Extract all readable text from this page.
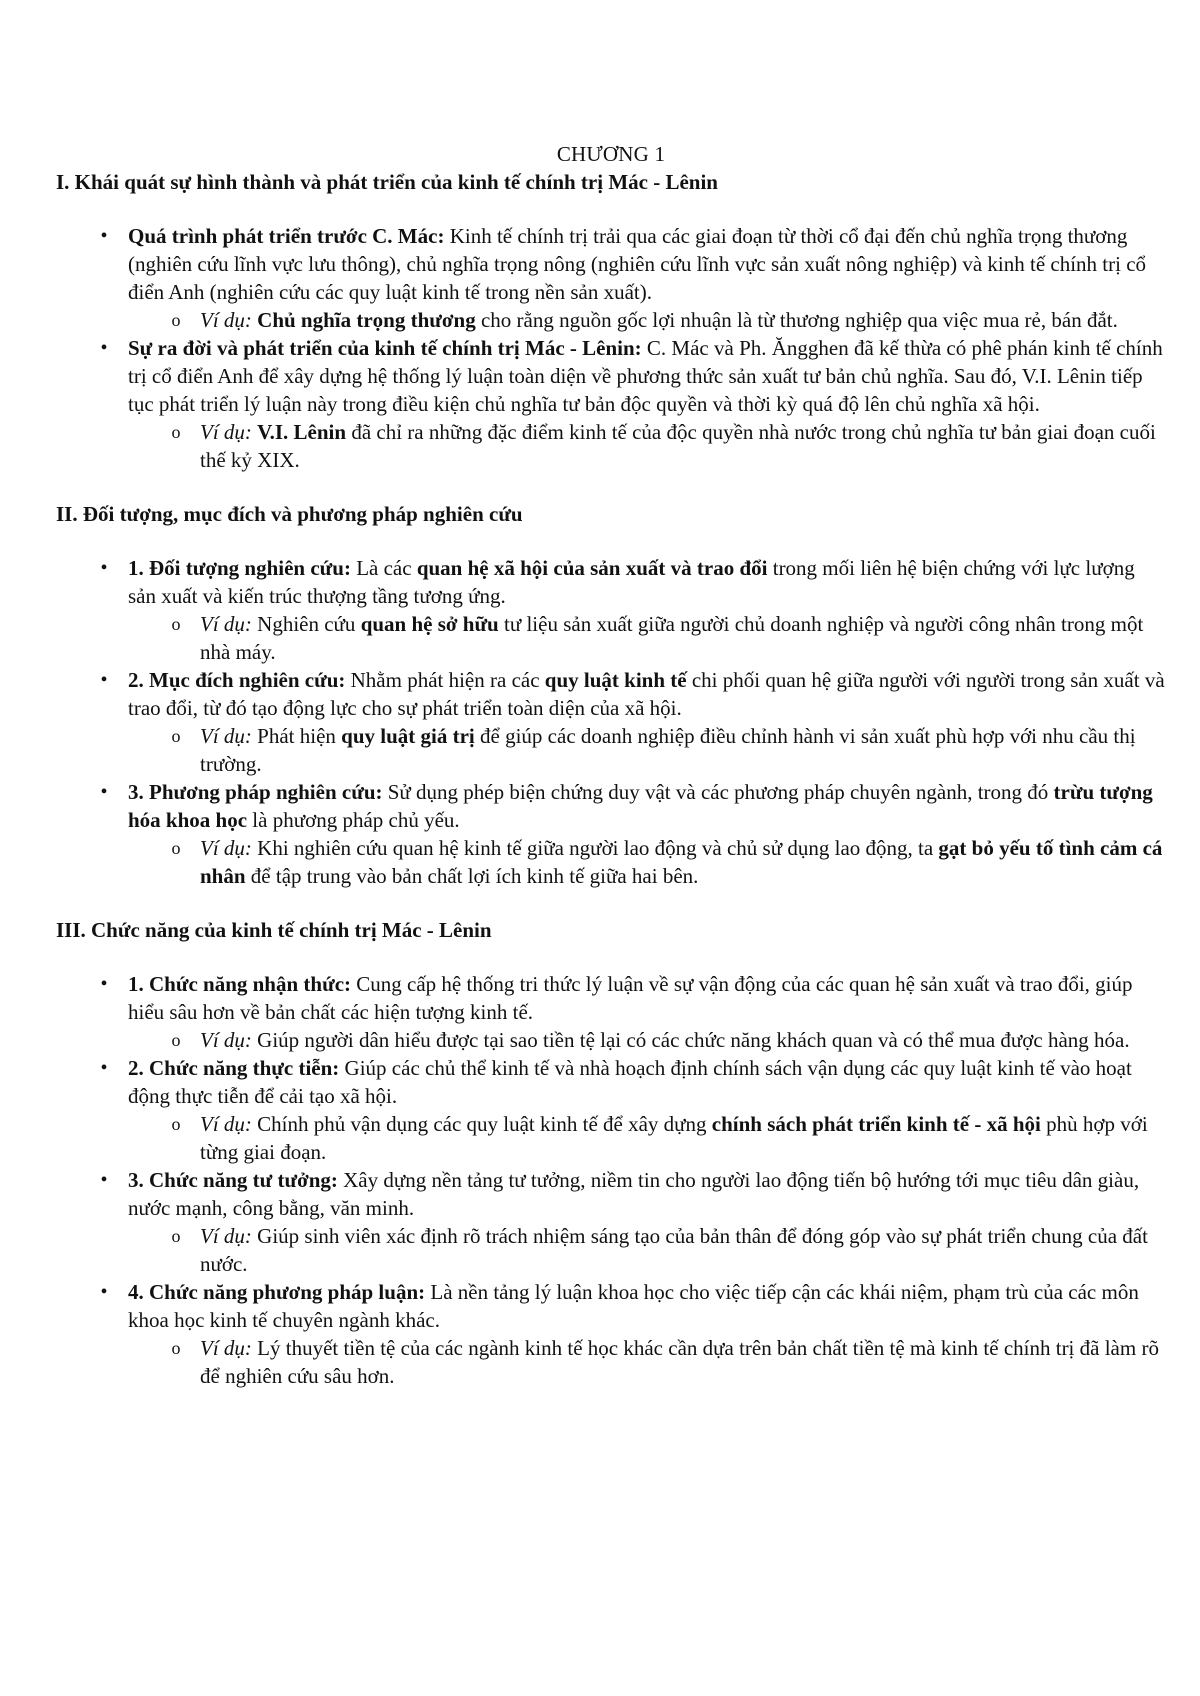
CHƯƠNG 1
I. Khái quát sự hình thành và phát triển của kinh tế chính trị Mác - Lênin
• Quá trình phát triển trước C. Mác: Kinh tế chính trị trải qua các giai đoạn từ thời cổ đại đến chủ nghĩa trọng thương (nghiên cứu lĩnh vực lưu thông), chủ nghĩa trọng nông (nghiên cứu lĩnh vực sản xuất nông nghiệp) và kinh tế chính trị cổ điển Anh (nghiên cứu các quy luật kinh tế trong nền sản xuất).
o Ví dụ: Chủ nghĩa trọng thương cho rằng nguồn gốc lợi nhuận là từ thương nghiệp qua việc mua rẻ, bán đắt.
• Sự ra đời và phát triển của kinh tế chính trị Mác - Lênin: C. Mác và Ph. Ăngghen đã kế thừa có phê phán kinh tế chính trị cổ điển Anh để xây dựng hệ thống lý luận toàn diện về phương thức sản xuất tư bản chủ nghĩa. Sau đó, V.I. Lênin tiếp tục phát triển lý luận này trong điều kiện chủ nghĩa tư bản độc quyền và thời kỳ quá độ lên chủ nghĩa xã hội.
o Ví dụ: V.I. Lênin đã chỉ ra những đặc điểm kinh tế của độc quyền nhà nước trong chủ nghĩa tư bản giai đoạn cuối thế kỷ XIX.
II. Đối tượng, mục đích và phương pháp nghiên cứu
• 1. Đối tượng nghiên cứu: Là các quan hệ xã hội của sản xuất và trao đổi trong mối liên hệ biện chứng với lực lượng sản xuất và kiến trúc thượng tầng tương ứng.
o Ví dụ: Nghiên cứu quan hệ sở hữu tư liệu sản xuất giữa người chủ doanh nghiệp và người công nhân trong một nhà máy.
• 2. Mục đích nghiên cứu: Nhằm phát hiện ra các quy luật kinh tế chi phối quan hệ giữa người với người trong sản xuất và trao đổi, từ đó tạo động lực cho sự phát triển toàn diện của xã hội.
o Ví dụ: Phát hiện quy luật giá trị để giúp các doanh nghiệp điều chỉnh hành vi sản xuất phù hợp với nhu cầu thị trường.
• 3. Phương pháp nghiên cứu: Sử dụng phép biện chứng duy vật và các phương pháp chuyên ngành, trong đó trừu tượng hóa khoa học là phương pháp chủ yếu.
o Ví dụ: Khi nghiên cứu quan hệ kinh tế giữa người lao động và chủ sử dụng lao động, ta gạt bỏ yếu tố tình cảm cá nhân để tập trung vào bản chất lợi ích kinh tế giữa hai bên.
III. Chức năng của kinh tế chính trị Mác - Lênin
• 1. Chức năng nhận thức: Cung cấp hệ thống tri thức lý luận về sự vận động của các quan hệ sản xuất và trao đổi, giúp hiểu sâu hơn về bản chất các hiện tượng kinh tế.
o Ví dụ: Giúp người dân hiểu được tại sao tiền tệ lại có các chức năng khách quan và có thể mua được hàng hóa.
• 2. Chức năng thực tiễn: Giúp các chủ thể kinh tế và nhà hoạch định chính sách vận dụng các quy luật kinh tế vào hoạt động thực tiễn để cải tạo xã hội.
o Ví dụ: Chính phủ vận dụng các quy luật kinh tế để xây dựng chính sách phát triển kinh tế - xã hội phù hợp với từng giai đoạn.
• 3. Chức năng tư tưởng: Xây dựng nền tảng tư tưởng, niềm tin cho người lao động tiến bộ hướng tới mục tiêu dân giàu, nước mạnh, công bằng, văn minh.
o Ví dụ: Giúp sinh viên xác định rõ trách nhiệm sáng tạo của bản thân để đóng góp vào sự phát triển chung của đất nước.
• 4. Chức năng phương pháp luận: Là nền tảng lý luận khoa học cho việc tiếp cận các khái niệm, phạm trù của các môn khoa học kinh tế chuyên ngành khác.
o Ví dụ: Lý thuyết tiền tệ của các ngành kinh tế học khác cần dựa trên bản chất tiền tệ mà kinh tế chính trị đã làm rõ để nghiên cứu sâu hơn.
